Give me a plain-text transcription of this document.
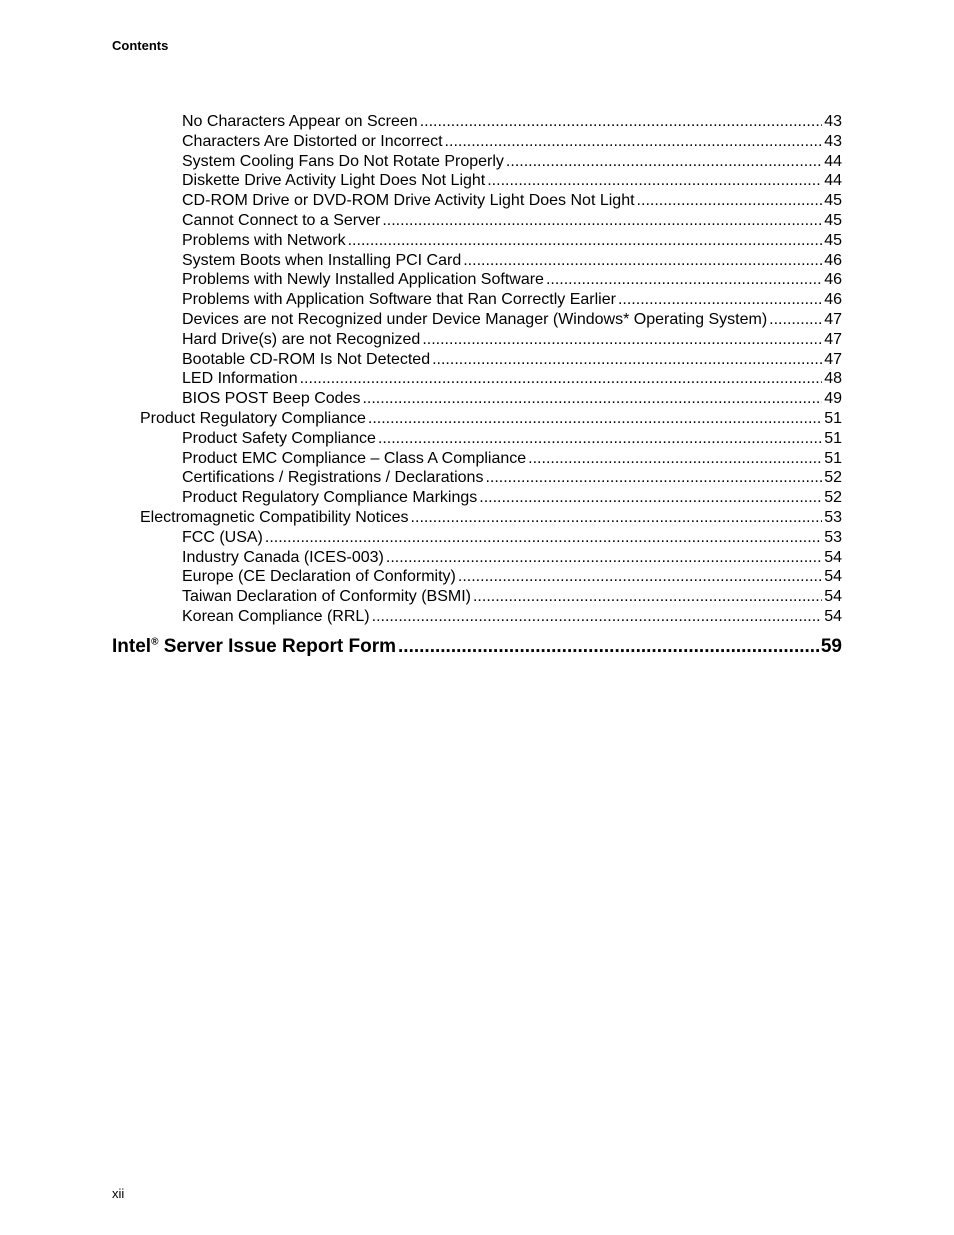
Contents
No Characters Appear on Screen .....	43
Characters Are Distorted or Incorrect .....	43
System Cooling Fans Do Not Rotate Properly .....	44
Diskette Drive Activity Light Does Not Light .....	44
CD-ROM Drive or DVD-ROM Drive Activity Light Does Not Light .....	45
Cannot Connect to a Server .....	45
Problems with Network .....	45
System Boots when Installing PCI Card .....	46
Problems with Newly Installed Application Software .....	46
Problems with Application Software that Ran Correctly Earlier .....	46
Devices are not Recognized under Device Manager (Windows* Operating System) .....	47
Hard Drive(s) are not Recognized .....	47
Bootable CD-ROM Is Not Detected .....	47
LED Information .....	48
BIOS POST Beep Codes .....	49
Product Regulatory Compliance .....	51
Product Safety Compliance .....	51
Product EMC Compliance – Class A Compliance .....	51
Certifications / Registrations / Declarations .....	52
Product Regulatory Compliance Markings .....	52
Electromagnetic Compatibility Notices .....	53
FCC (USA) .....	53
Industry Canada (ICES-003) .....	54
Europe (CE Declaration of Conformity) .....	54
Taiwan Declaration of Conformity (BSMI) .....	54
Korean Compliance (RRL) .....	54
Intel® Server Issue Report Form .....	59
xii
